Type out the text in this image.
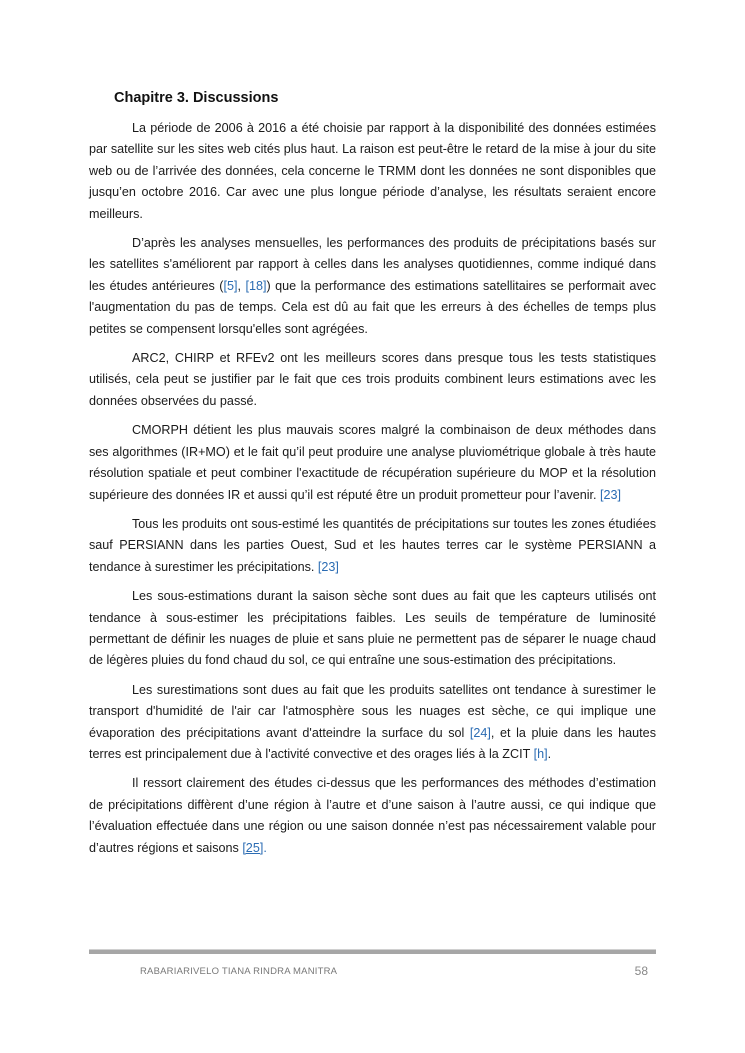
Chapitre 3. Discussions

La période de 2006 à 2016 a été choisie par rapport à la disponibilité des données estimées par satellite sur les sites web cités plus haut. La raison est peut-être le retard de la mise à jour du site web ou de l’arrivée des données, cela concerne le TRMM dont les données ne sont disponibles que jusqu’en octobre 2016. Car avec une plus longue période d’analyse, les résultats seraient encore meilleurs.

D’après les analyses mensuelles, les performances des produits de précipitations basés sur les satellites s'améliorent par rapport à celles dans les analyses quotidiennes, comme indiqué dans les études antérieures ([5], [18]) que la performance des estimations satellitaires se performait avec l'augmentation du pas de temps. Cela est dû au fait que les erreurs à des échelles de temps plus petites se compensent lorsqu'elles sont agrégées.

ARC2, CHIRP et RFEv2 ont les meilleurs scores dans presque tous les tests statistiques utilisés, cela peut se justifier par le fait que ces trois produits combinent leurs estimations avec les données observées du passé.

CMORPH détient les plus mauvais scores malgré la combinaison de deux méthodes dans ses algorithmes (IR+MO) et le fait qu’il peut produire une analyse pluviométrique globale à très haute résolution spatiale et peut combiner l'exactitude de récupération supérieure du MOP et la résolution supérieure des données IR et aussi qu’il est réputé être un produit prometteur pour l’avenir. [23]

Tous les produits ont sous-estimé les quantités de précipitations sur toutes les zones étudiées sauf PERSIANN dans les parties Ouest, Sud et les hautes terres car le système PERSIANN a tendance à surestimer les précipitations. [23]

Les sous-estimations durant la saison sèche sont dues au fait que les capteurs utilisés ont tendance à sous-estimer les précipitations faibles. Les seuils de température de luminosité permettant de définir les nuages de pluie et sans pluie ne permettent pas de séparer le nuage chaud de légères pluies du fond chaud du sol, ce qui entraîne une sous-estimation des précipitations.

Les surestimations sont dues au fait que les produits satellites ont tendance à surestimer le transport d'humidité de l'air car l'atmosphère sous les nuages est sèche, ce qui implique une évaporation des précipitations avant d'atteindre la surface du sol [24], et la pluie dans les hautes terres est principalement due à l'activité convective et des orages liés à la ZCIT [h].

Il ressort clairement des études ci-dessus que les performances des méthodes d’estimation de précipitations diffèrent d’une région à l’autre et d’une saison à l’autre aussi, ce qui indique que l’évaluation effectuée dans une région ou une saison donnée n’est pas nécessairement valable pour d’autres régions et saisons [25].

RABARIARIVELO TIANA RINDRA MANITRA	58
